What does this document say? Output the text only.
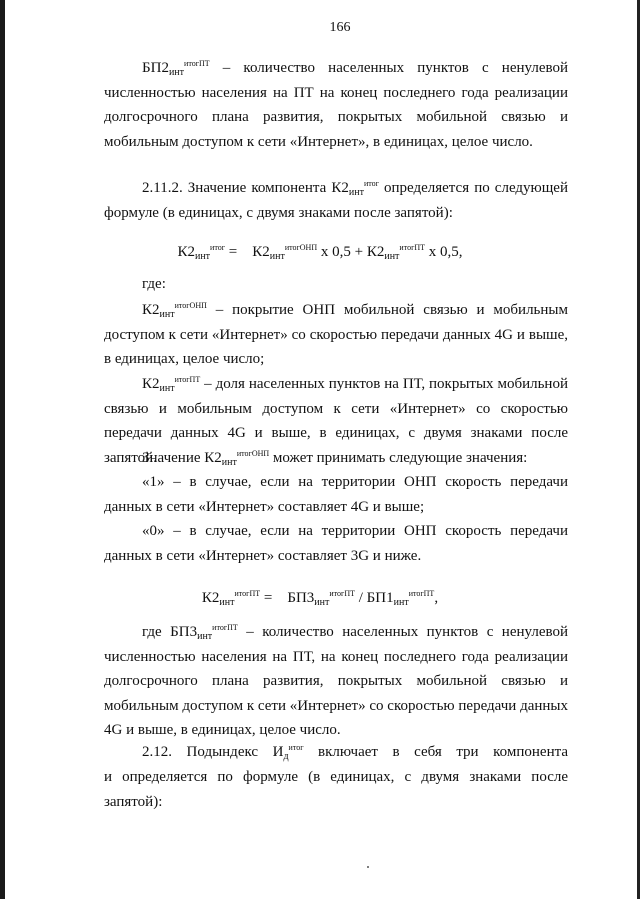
166
$БП2_{инт}^{итогПТ}$ – количество населенных пунктов с ненулевой численностью населения на ПТ на конец последнего года реализации долгосрочного плана развития, покрытых мобильной связью и мобильным доступом к сети «Интернет», в единицах, целое число.
2.11.2. Значение компонента $К2_{инт}^{итог}$ определяется по следующей формуле (в единицах, с двумя знаками после запятой):
$К2_{инт}^{итог}$ =    $К2_{инт}^{итогОНП}$ х $0,5 + К2_{инт}^{итогПТ}$ х 0,5,
где:
$К2_{инт}^{итогОНП}$ – покрытие ОНП мобильной связью и мобильным доступом к сети «Интернет» со скоростью передачи данных 4G и выше, в единицах, целое число;
$К2_{инт}^{итогПТ}$ – доля населенных пунктов на ПТ, покрытых мобильной связью и мобильным доступом к сети «Интернет» со скоростью передачи данных 4G и выше, в единицах, с двумя знаками после запятой.
Значение $К2_{инт}^{итогОНП}$ может принимать следующие значения:
«1» – в случае, если на территории ОНП скорость передачи данных в сети «Интернет» составляет 4G и выше;
«0» – в случае, если на территории ОНП скорость передачи данных в сети «Интернет» составляет 3G и ниже.
$К2_{инт}^{итогПТ}$ =    $БП3_{инт}^{итогПТ} / БП1_{инт}^{итогПТ}$,
где $БП3_{инт}^{итогПТ}$ – количество населенных пунктов с ненулевой численностью населения на ПТ, на конец последнего года реализации долгосрочного плана развития, покрытых мобильной связью и мобильным доступом к сети «Интернет» со скоростью передачи данных 4G и выше, в единицах, целое число.
2.12. Подындекс $И_д^{итог}$ включает в себя три компонента
и определяется по формуле (в единицах, с двумя знаками после запятой):
